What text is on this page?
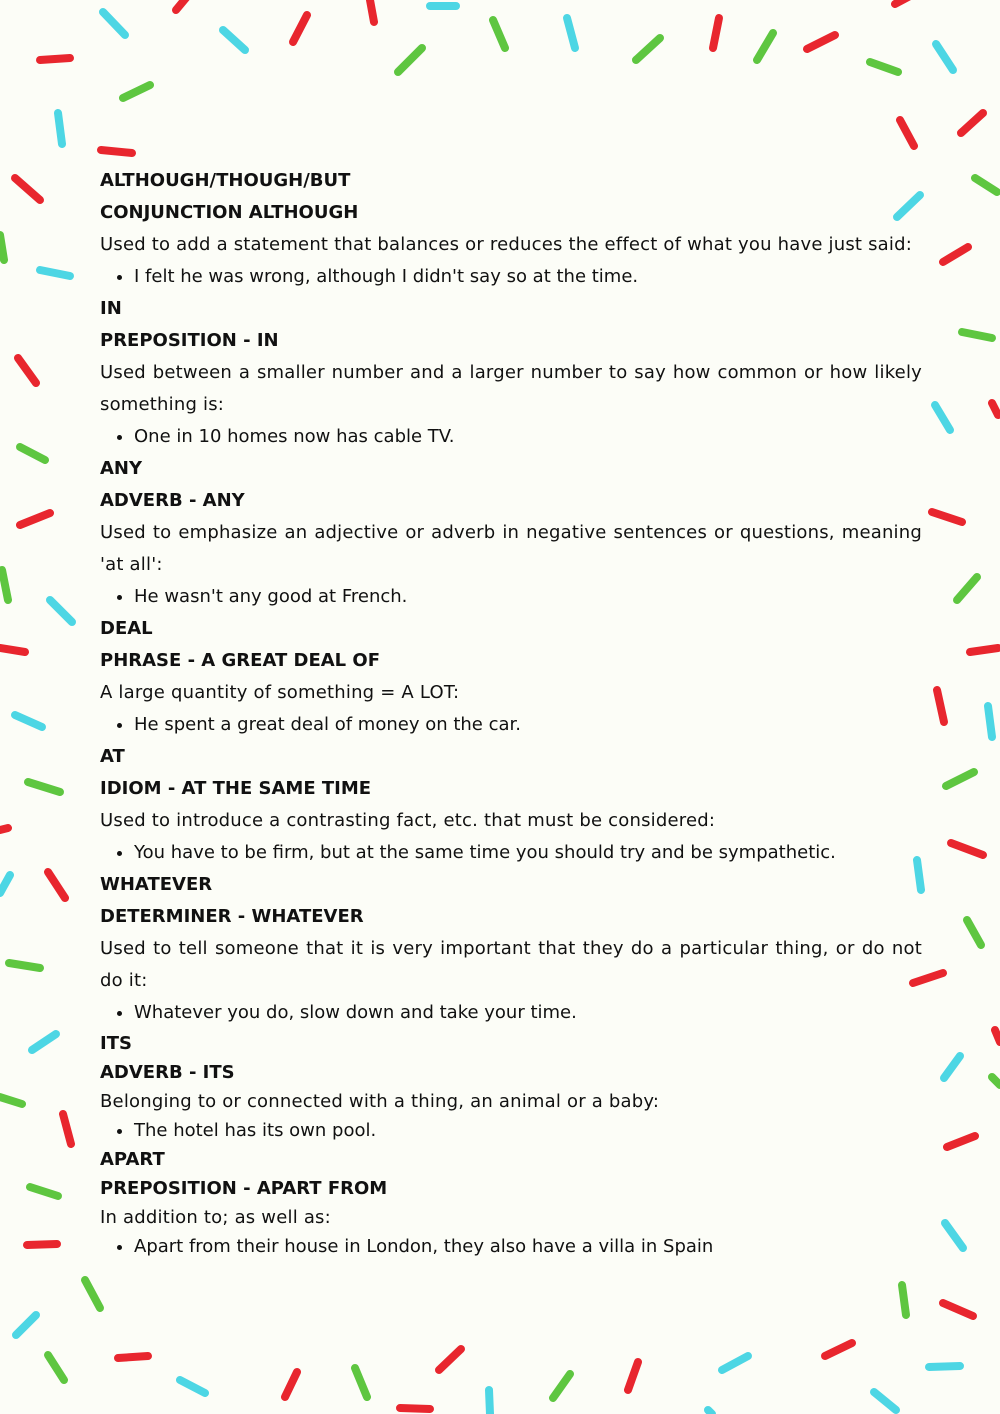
ALTHOUGH/THOUGH/BUT

CONJUNCTION ALTHOUGH

Used to add a statement that balances or reduces the effect of what you have just said:

• I felt he was wrong, although I didn't say so at the time.

IN

PREPOSITION - IN

Used between a smaller number and a larger number to say how common or how likely something is:

• One in 10 homes now has cable TV.

ANY

ADVERB - ANY

Used to emphasize an adjective or adverb in negative sentences or questions, meaning 'at all':

• He wasn't any good at French.

DEAL

PHRASE - A GREAT DEAL OF

A large quantity of something = A LOT:

• He spent a great deal of money on the car.

AT

IDIOM - AT THE SAME TIME

Used to introduce a contrasting fact, etc. that must be considered:

• You have to be firm, but at the same time you should try and be sympathetic.

WHATEVER

DETERMINER - WHATEVER

Used to tell someone that it is very important that they do a particular thing, or do not do it:

• Whatever you do, slow down and take your time.

ITS

ADVERB - ITS

Belonging to or connected with a thing, an animal or a baby:

• The hotel has its own pool.

APART

PREPOSITION - APART FROM

In addition to; as well as:

• Apart from their house in London, they also have a villa in Spain
